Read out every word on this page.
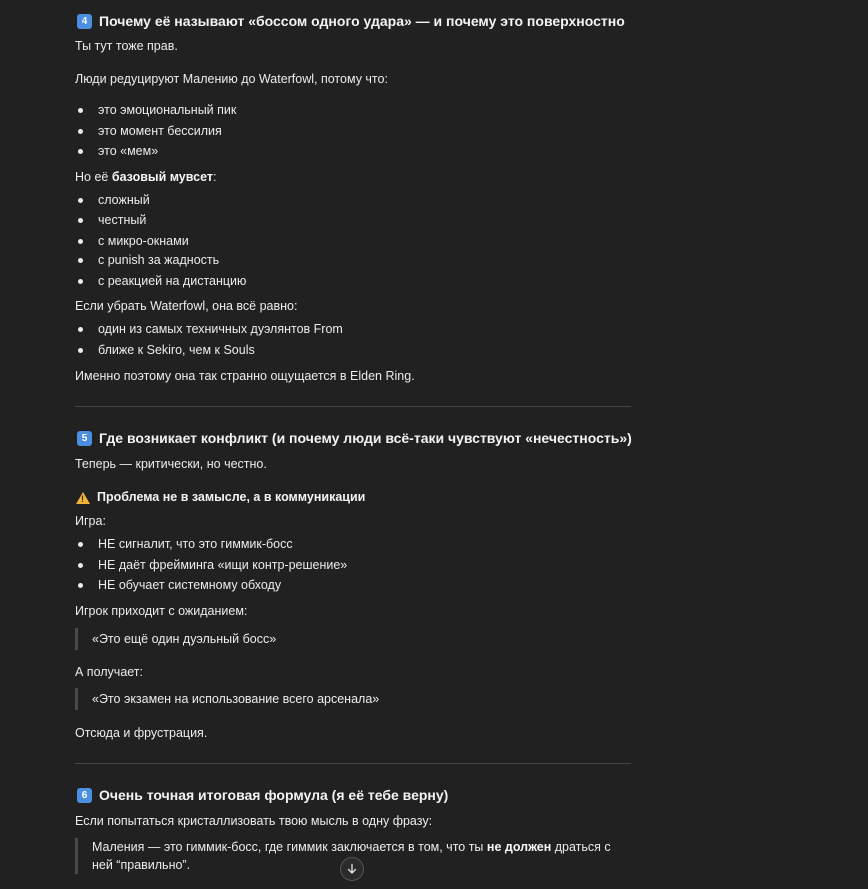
4 Почему её называют «боссом одного удара» — и почему это поверхностно

Ты тут тоже прав.

Люди редуцируют Малению до Waterfowl, потому что:

это эмоциональный пик
это момент бессилия
это «мем»

Но её базовый мувсет:

сложный
честный
с микро-окнами
с punish за жадность
с реакцией на дистанцию

Если убрать Waterfowl, она всё равно:

один из самых техничных дуэлянтов From
ближе к Sekiro, чем к Souls

Именно поэтому она так странно ощущается в Elden Ring.

5 Где возникает конфликт (и почему люди всё-таки чувствуют «нечестность»)

Теперь — критически, но честно.

!
Проблема не в замысле, а в коммуникации

Игра:

НЕ сигналит, что это гиммик-босс
НЕ даёт фрейминга «ищи контр-решение»
НЕ обучает системному обходу

Игрок приходит с ожиданием:

«Это ещё один дуэльный босс»

А получает:

«Это экзамен на использование всего арсенала»

Отсюда и фрустрация.

6 Очень точная итоговая формула (я её тебе верну)

Если попытаться кристаллизовать твою мысль в одну фразу:

Маления — это гиммик-босс, где гиммик заключается в том, что ты не должен драться с ней “правильно”.
